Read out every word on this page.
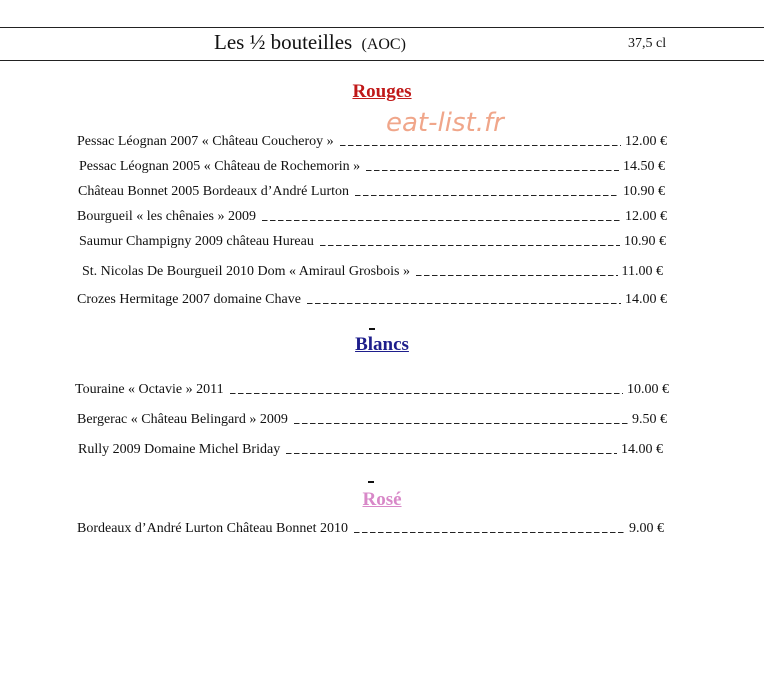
Les ½ bouteilles (AOC)	37,5 cl
eat-list.fr
Rouges
Pessac Léognan 2007 « Château Coucheroy »	12.00 €
Pessac Léognan 2005 « Château de Rochemorin »	14.50 €
Château Bonnet 2005 Bordeaux d’André Lurton	10.90 €
Bourgueil « les chênaies » 2009	12.00 €
Saumur Champigny 2009 château Hureau	10.90 €
St. Nicolas De Bourgueil 2010 Dom « Amiraul Grosbois »	11.00 €
Crozes Hermitage 2007 domaine Chave	14.00 €
Blancs
Touraine « Octavie » 2011	10.00 €
Bergerac « Château Belingard » 2009	9.50 €
Rully 2009 Domaine Michel Briday	14.00 €
Rosé
Bordeaux d’André Lurton Château Bonnet 2010	9.00 €
